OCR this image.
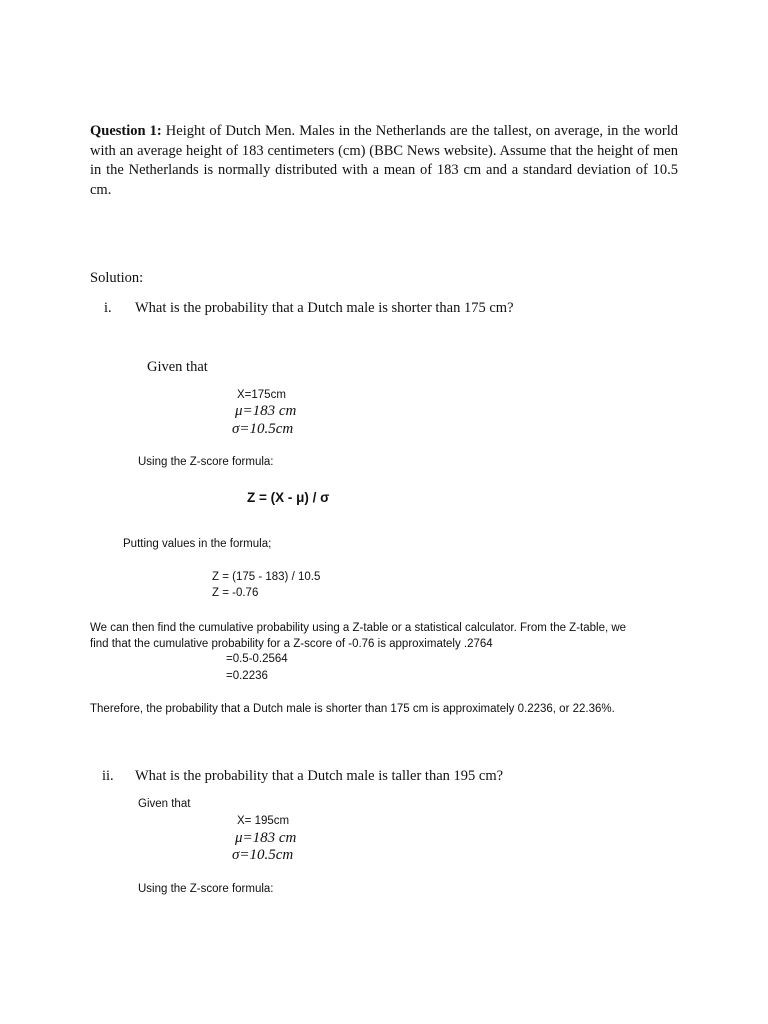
Question 1: Height of Dutch Men. Males in the Netherlands are the tallest, on average, in the world with an average height of 183 centimeters (cm) (BBC News website). Assume that the height of men in the Netherlands is normally distributed with a mean of 183 cm and a standard deviation of 10.5 cm.
Solution:
i. What is the probability that a Dutch male is shorter than 175 cm?
Given that
X=175cm
μ=183 cm
σ=10.5cm
Using the Z-score formula:
Z = (X - μ) / σ
Putting values in the formula;
Z = (175 - 183) / 10.5
Z = -0.76
We can then find the cumulative probability using a Z-table or a statistical calculator. From the Z-table, we
find that the cumulative probability for a Z-score of -0.76 is approximately .2764
=0.5-0.2564
=0.2236
Therefore, the probability that a Dutch male is shorter than 175 cm is approximately 0.2236, or 22.36%.
ii. What is the probability that a Dutch male is taller than 195 cm?
Given that
X= 195cm
μ=183 cm
σ=10.5cm
Using the Z-score formula:
